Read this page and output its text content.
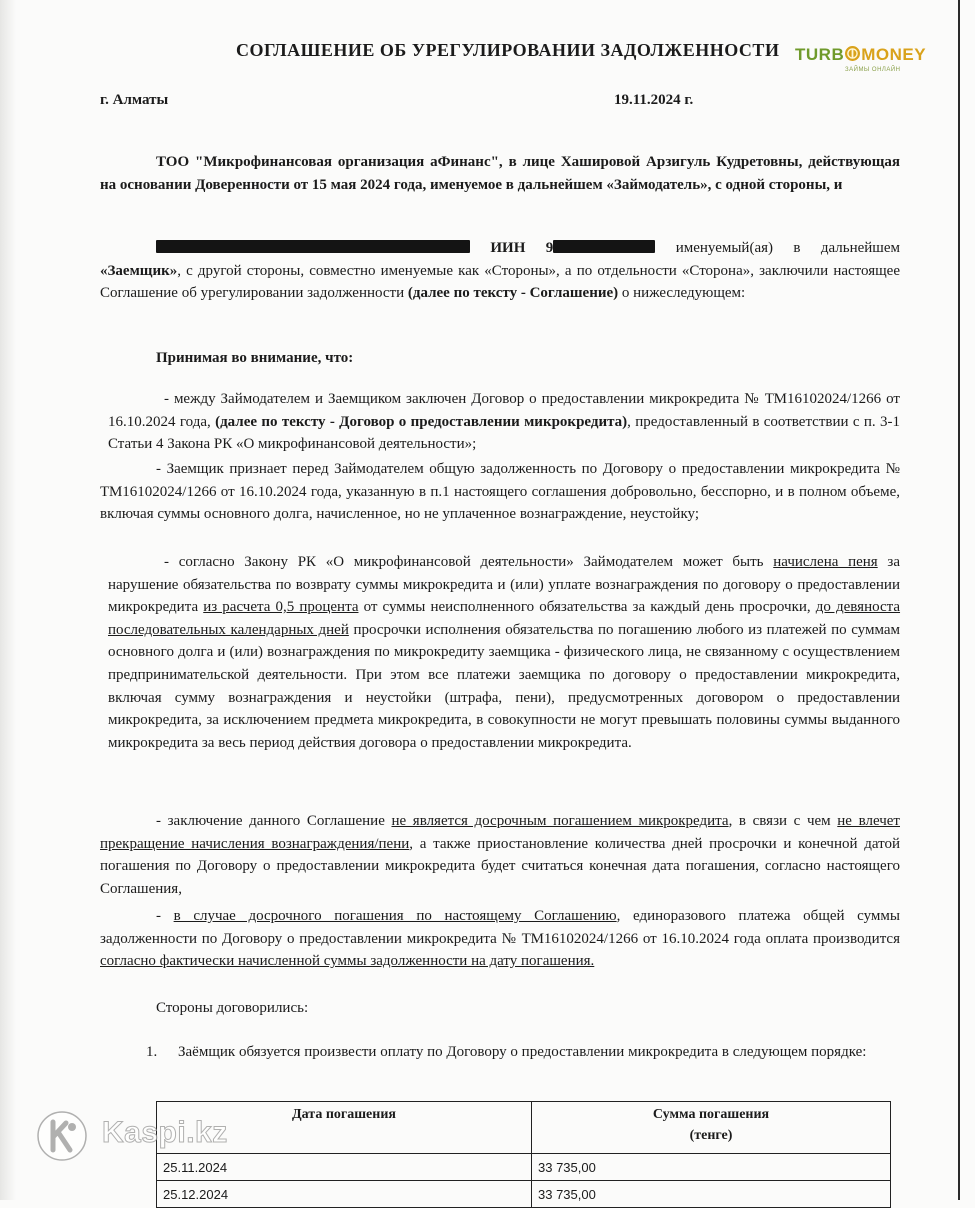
СОГЛАШЕНИЕ ОБ УРЕГУЛИРОВАНИИ ЗАДОЛЖЕННОСТИ TURB MONEY
ЗАЙМЫ ОНЛАЙН
г. Алматы	19.11.2024 г.
ТОО "Микрофинансовая организация аФинанс", в лице Хашировой Арзигуль Кудретовны, действующая на основании Доверенности от 15 мая 2024 года, именуемое в дальнейшем «Займодатель», с одной стороны, и
ИИН 9	именуемый(ая) в дальнейшем
«Заемщик», с другой стороны, совместно именуемые как «Стороны», а по отдельности «Сторона», заключили настоящее Соглашение об урегулировании задолженности (далее по тексту - Соглашение) о нижеследующем:
Принимая во внимание, что:
- между Займодателем и Заемщиком заключен Договор о предоставлении микрокредита № ТМ16102024/1266 от 16.10.2024 года, (далее по тексту - Договор о предоставлении микрокредита), предоставленный в соответствии с п. 3-1 Статьи 4 Закона РК «О микрофинансовой деятельности»;
- Заемщик признает перед Займодателем общую задолженность по Договору о предоставлении микрокредита № ТМ16102024/1266 от 16.10.2024 года, указанную в п.1 настоящего соглашения добровольно, бесспорно, и в полном объеме, включая суммы основного долга, начисленное, но не уплаченное вознаграждение, неустойку;
- согласно Закону РК «О микрофинансовой деятельности» Займодателем может быть начислена пеня за нарушение обязательства по возврату суммы микрокредита и (или) уплате вознаграждения по договору о предоставлении микрокредита из расчета 0,5 процента от суммы неисполненного обязательства за каждый день просрочки, до девяноста последовательных календарных дней просрочки исполнения обязательства по погашению любого из платежей по суммам основного долга и (или) вознаграждения по микрокредиту заемщика - физического лица, не связанному с осуществлением предпринимательской деятельности. При этом все платежи заемщика по договору о предоставлении микрокредита, включая сумму вознаграждения и неустойки (штрафа, пени), предусмотренных договором о предоставлении микрокредита, за исключением предмета микрокредита, в совокупности не могут превышать половины суммы выданного микрокредита за весь период действия договора о предоставлении микрокредита.
- заключение данного Соглашение не является досрочным погашением микрокредита, в связи с чем не влечет прекращение начисления вознаграждения/пени, а также приостановление количества дней просрочки и конечной датой погашения по Договору о предоставлении микрокредита будет считаться конечная дата погашения, согласно настоящего Соглашения,
- в случае досрочного погашения по настоящему Соглашению, единоразового платежа общей суммы задолженности по Договору о предоставлении микрокредита № ТМ16102024/1266 от 16.10.2024 года оплата производится согласно фактически начисленной суммы задолженности на дату погашения.
Стороны договорились:
1. Заёмщик обязуется произвести оплату по Договору о предоставлении микрокредита в следующем порядке:
Дата погашения	Сумма погашения
(тенге)

25.11.2024	33 735,00
25.12.2024	33 735,00
Kaspi.kz
